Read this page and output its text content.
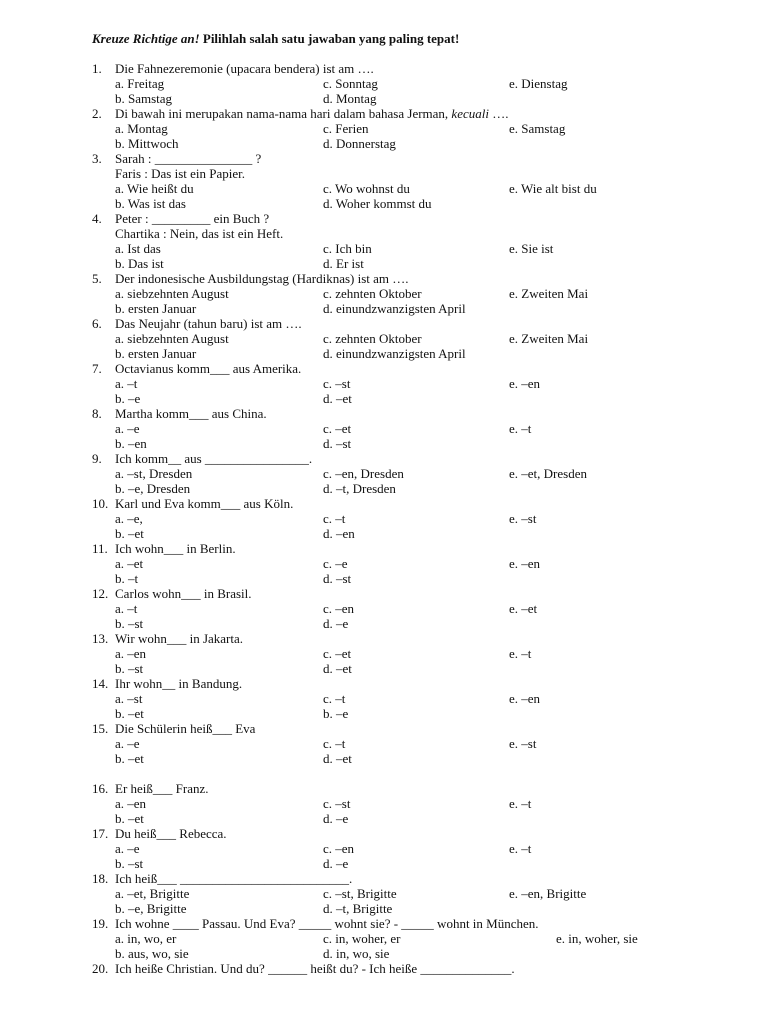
Kreuze Richtige an! Pilihlah salah satu jawaban yang paling tepat!
1.	Die Fahnezeremonie (upacara bendera) ist am ….
a. Freitag	c. Sonntag	e. Dienstag
b. Samstag	d. Montag
2.	Di bawah ini merupakan nama-nama hari dalam bahasa Jerman, kecuali ….
a. Montag	c. Ferien	e. Samstag
b. Mittwoch	d. Donnerstag
3.	Sarah : _______________ ?
Faris : Das ist ein Papier.
a. Wie heißt du	c. Wo wohnst du	e. Wie alt bist du
b. Was ist das	d. Woher kommst du
4.	Peter : _________ ein Buch ?
Chartika : Nein, das ist ein Heft.
a. Ist das	c. Ich bin	e. Sie ist
b. Das ist	d. Er ist
5.	Der indonesische Ausbildungstag (Hardiknas) ist am ….
a. siebzehnten August	c. zehnten Oktober	e. Zweiten Mai
b. ersten Januar	d. einundzwanzigsten April
6.	Das Neujahr (tahun baru) ist am ….
a. siebzehnten August	c. zehnten Oktober	e. Zweiten Mai
b. ersten Januar	d. einundzwanzigsten April
7.	Octavianus komm___ aus Amerika.
a. –t	c. –st	e. –en
b. –e	d. –et
8.	Martha komm___ aus China.
a. –e	c. –et	e. –t
b. –en	d. –st
9.	Ich komm__ aus ________________.
a. –st, Dresden	c. –en, Dresden	e. –et, Dresden
b. –e, Dresden	d. –t, Dresden
10. Karl und Eva komm___ aus Köln.
a. –e,	c. –t	e. –st
b. –et	d. –en
11. Ich wohn___ in Berlin.
a. –et	c. –e	e. –en
b. –t	d. –st
12. Carlos wohn___ in Brasil.
a. –t	c. –en	e. –et
b. –st	d. –e
13. Wir wohn___ in Jakarta.
a. –en	c. –et	e. –t
b. –st	d. –et
14. Ihr wohn__ in Bandung.
a. –st	c. –t	e. –en
b. –et	b. –e
15. Die Schülerin heiß___ Eva
a. –e	c. –t	e. –st
b. –et	d. –et
16. Er heiß___ Franz.
a. –en	c. –st	e. –t
b. –et	d. –e
17. Du heiß___ Rebecca.
a. –e	c. –en	e. –t
b. –st	d. –e
18. Ich heiß___ __________________________.
a. –et, Brigitte	c. –st, Brigitte	e. –en, Brigitte
b. –e, Brigitte	d. –t, Brigitte
19. Ich wohne ____ Passau. Und Eva? _____ wohnt sie? - _____ wohnt in München.
a. in, wo, er	c. in, woher, er	e. in, woher, sie
b. aus, wo, sie	d. in, wo, sie
20. Ich heiße Christian. Und du? ______ heißt du? - Ich heiße ______________.
